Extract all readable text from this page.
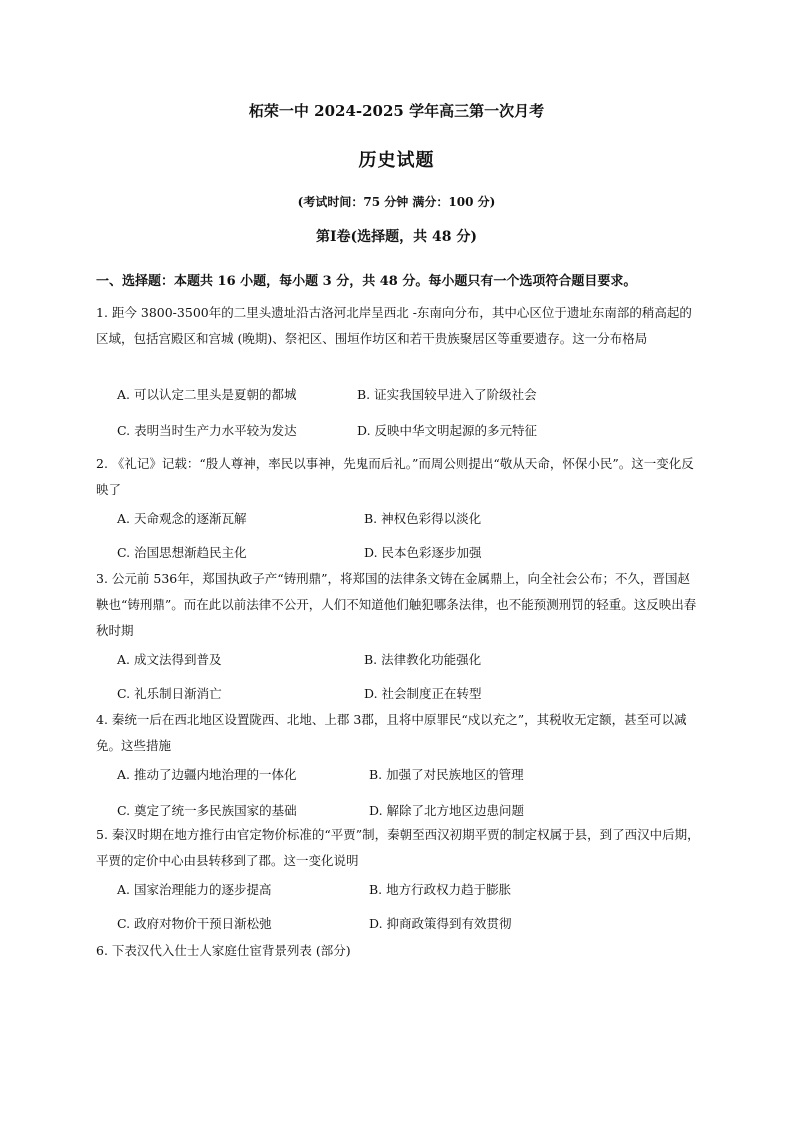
柘荣一中 2024-2025 学年高三第一次月考
历史试题
(考试时间：75 分钟 满分：100 分)
第Ⅰ卷(选择题，共 48 分)
一、选择题：本题共 16 小题，每小题 3 分，共 48 分。每小题只有一个选项符合题目要求。
1. 距今 3800-3500年的二里头遗址沿古洛河北岸呈西北 -东南向分布，其中心区位于遗址东南部的稍高起的区域，包括宫殿区和宫城 (晚期)、祭祀区、围垣作坊区和若干贵族聚居区等重要遗存。这一分布格局
A. 可以认定二里头是夏朝的都城	B. 证实我国较早进入了阶级社会
C. 表明当时生产力水平较为发达	D. 反映中华文明起源的多元特征
2. 《礼记》记载：“殷人尊神，率民以事神，先鬼而后礼。”而周公则提出“敬从天命，怀保小民”。这一变化反映了
A. 天命观念的逐渐瓦解	B. 神权色彩得以淡化
C. 治国思想渐趋民主化	D. 民本色彩逐步加强
3. 公元前 536年，郑国执政子产“铸刑鼎”，将郑国的法律条文铸在金属鼎上，向全社会公布；不久，晋国赵鞅也“铸刑鼎”。而在此以前法律不公开，人们不知道他们触犯哪条法律，也不能预测刑罚的轻重。这反映出春秋时期
A. 成文法得到普及	B. 法律教化功能强化
C. 礼乐制日渐消亡	D. 社会制度正在转型
4. 秦统一后在西北地区设置陇西、北地、上郡 3郡，且将中原罪民“戍以充之”，其税收无定额，甚至可以减免。这些措施
A. 推动了边疆内地治理的一体化	B. 加强了对民族地区的管理
C. 奠定了统一多民族国家的基础	D. 解除了北方地区边患问题
5. 秦汉时期在地方推行由官定物价标准的“平贾”制，秦朝至西汉初期平贾的制定权属于县，到了西汉中后期，平贾的定价中心由县转移到了郡。这一变化说明
A. 国家治理能力的逐步提高	B. 地方行政权力趋于膨胀
C. 政府对物价干预日渐松弛	D. 抑商政策得到有效贯彻
6. 下表汉代入仕士人家庭仕宦背景列表 (部分)
